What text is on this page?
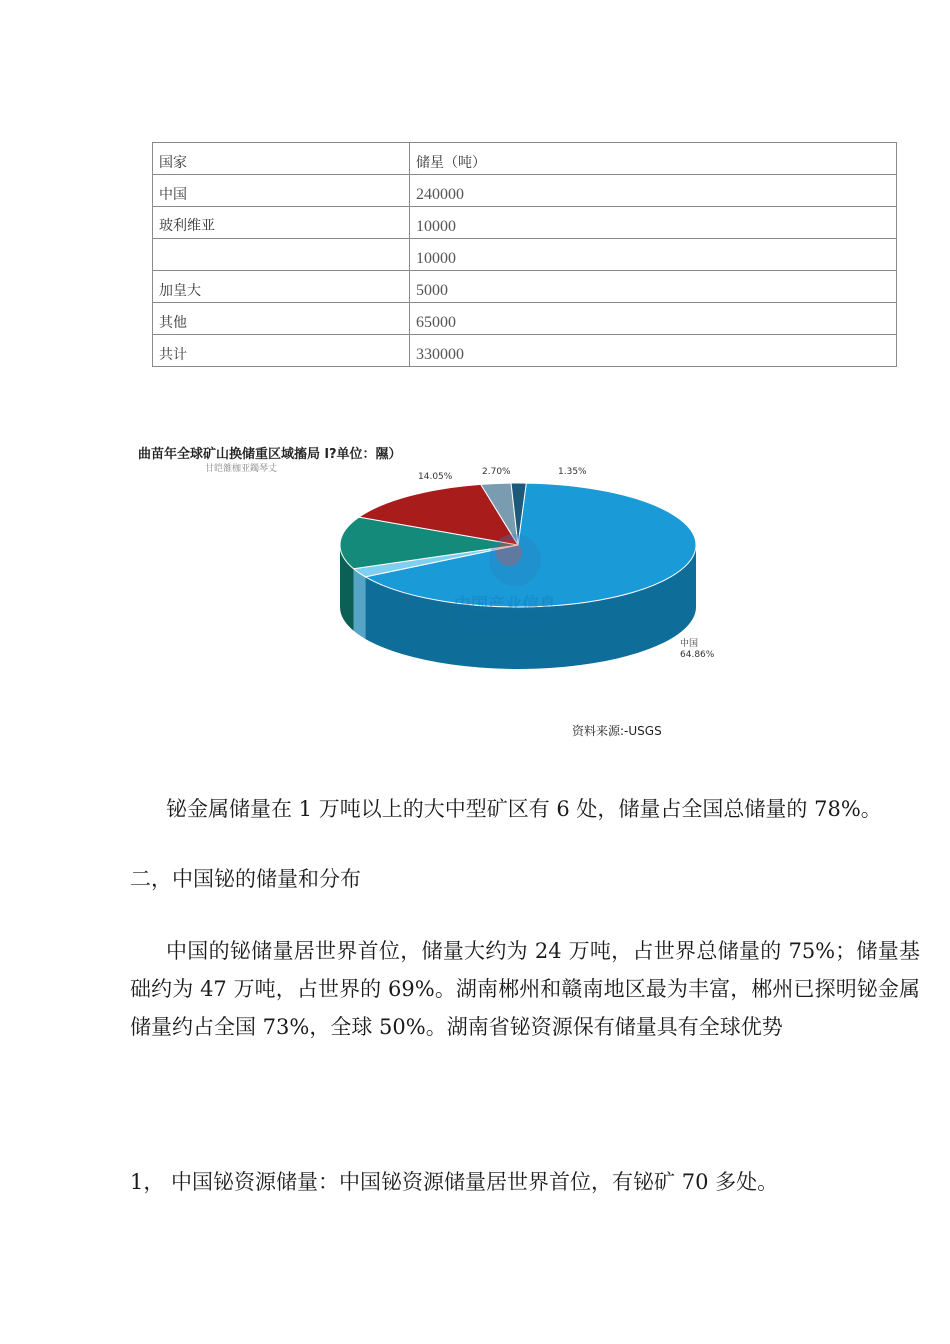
国家	储星（吨）
中国	240000
玻利维亚	10000
	10000
加皇大	5000
其他	65000
共计	330000
曲苗年全球矿山换储重区域搐局 l?单位：隰）
甘皑雒枷亚鐲琴丈
中国产业信息
www.chyxx.com
中国
64.86%
14.05%	2.70%	1.35%
资料来源:-USGS

铋金属储量在 1 万吨以上的大中型矿区有 6 处，储量占全国总储量的 78%。

二，中国铋的储量和分布

中国的铋储量居世界首位，储量大约为 24 万吨，占世界总储量的 75%；储量基础约为 47 万吨，占世界的 69%。湖南郴州和赣南地区最为丰富，郴州已探明铋金属储量约占全国 73%，全球 50%。湖南省铋资源保有储量具有全球优势

1， 中国铋资源储量：中国铋资源储量居世界首位，有铋矿 70 多处。
